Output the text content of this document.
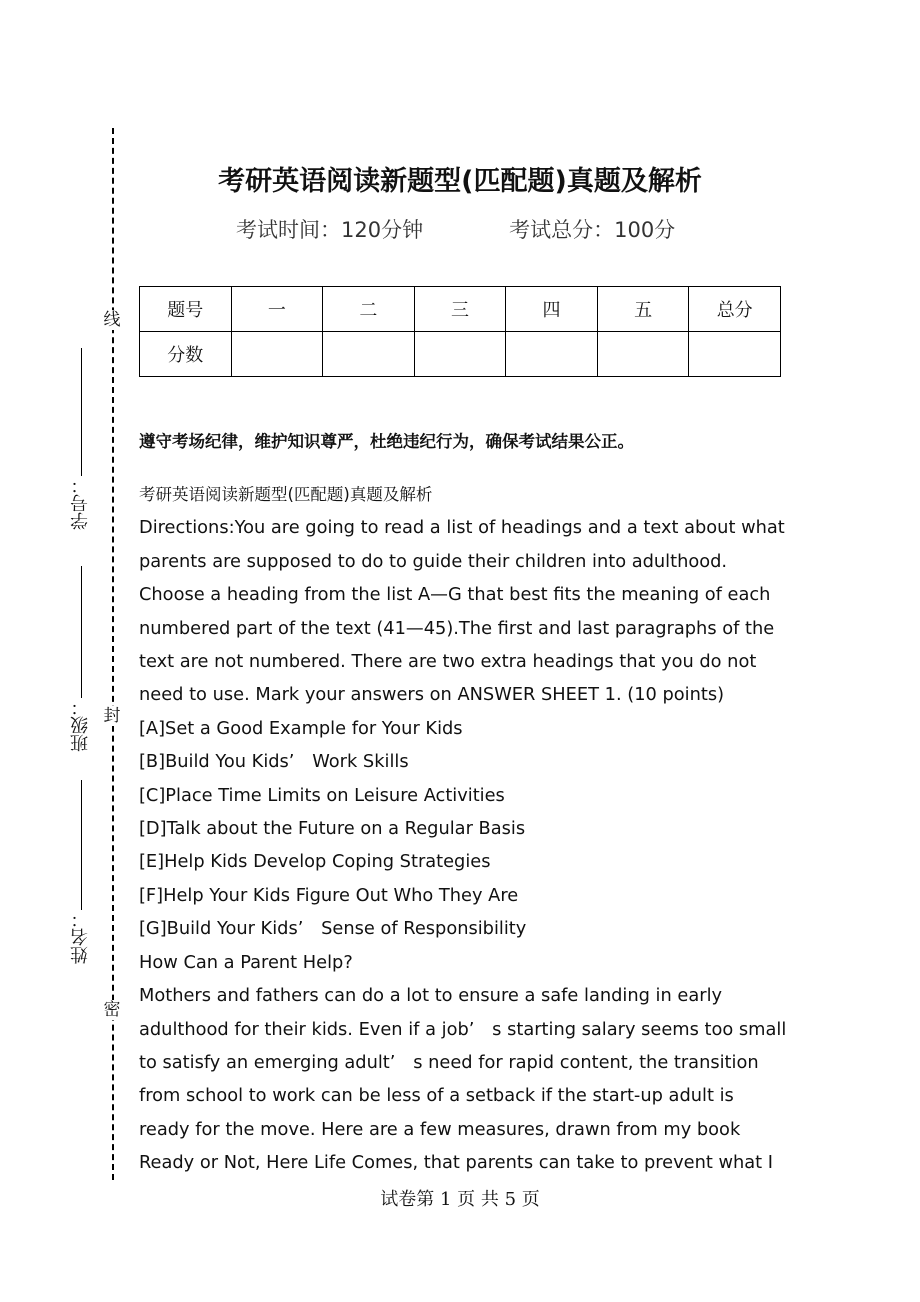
线
封
密
学号：
班级：
姓名：
考研英语阅读新题型(匹配题)真题及解析
考试时间：120分钟	考试总分：100分
题号	一	二	三	四	五	总分
分数						
遵守考场纪律，维护知识尊严，杜绝违纪行为，确保考试结果公正。

考研英语阅读新题型(匹配题)真题及解析

Directions:You are going to read a list of headings and a text about what parents are supposed to do to guide their children into adulthood. Choose a heading from the list A—G that best fits the meaning of each numbered part of the text (41—45).The first and last paragraphs of the text are not numbered. There are two extra headings that you do not need to use. Mark your answers on ANSWER SHEET 1. (10 points)

[A]Set a Good Example for Your Kids

[B]Build You Kids’　Work Skills

[C]Place Time Limits on Leisure Activities

[D]Talk about the Future on a Regular Basis

[E]Help Kids Develop Coping Strategies

[F]Help Your Kids Figure Out Who They Are

[G]Build Your Kids’　Sense of Responsibility

How Can a Parent Help?

Mothers and fathers can do a lot to ensure a safe landing in early adulthood for their kids. Even if a job’　s starting salary seems too small to satisfy an emerging adult’　s need for rapid content, the transition from school to work can be less of a setback if the start-up adult is ready for the move. Here are a few measures, drawn from my book Ready or Not, Here Life Comes, that parents can take to prevent what I

试卷第 1 页 共 5 页
